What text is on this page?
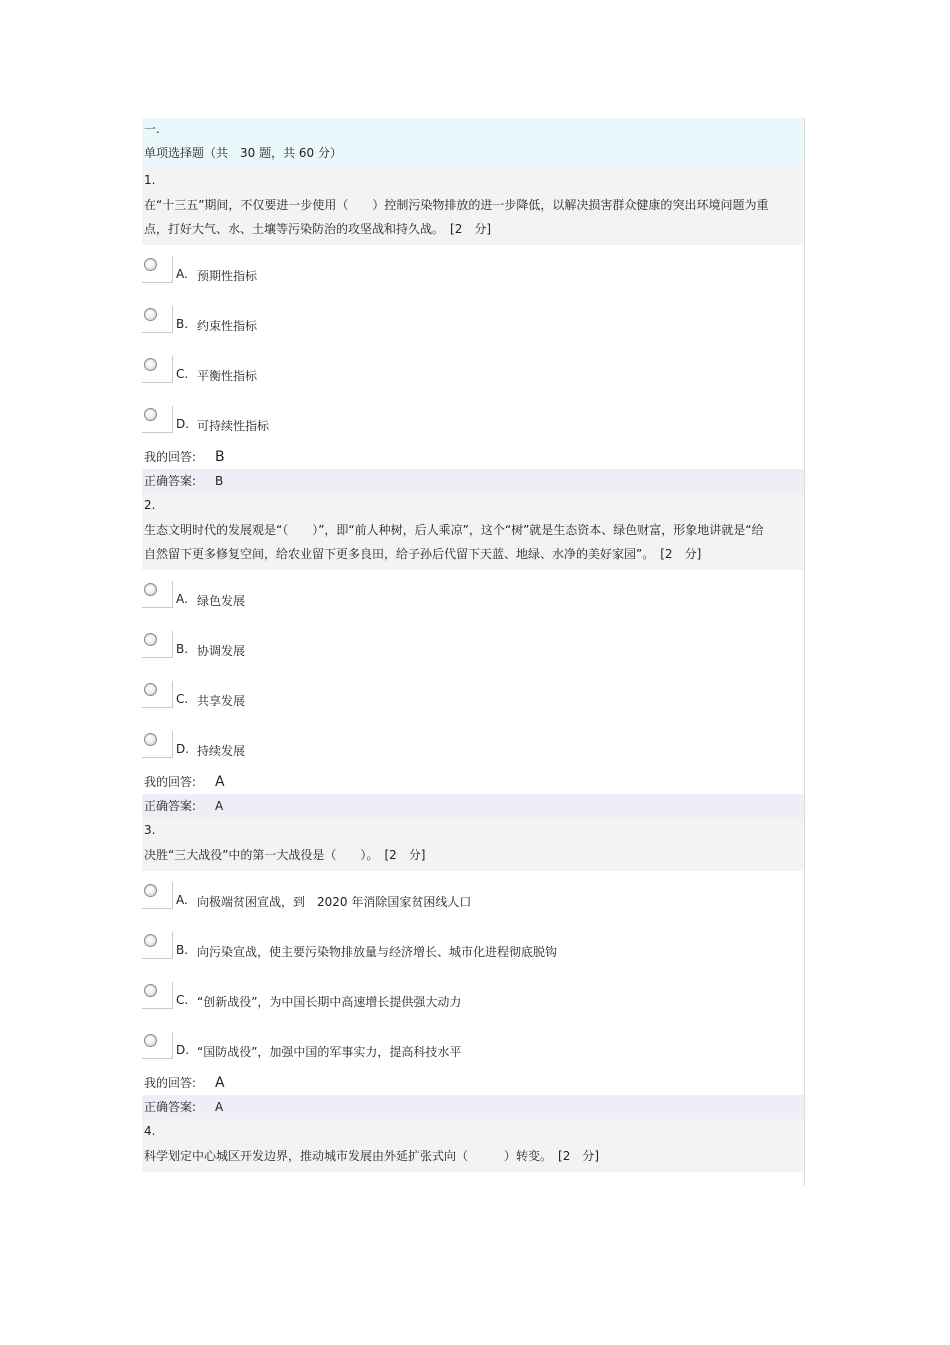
一.
单项选择题（共　30 题，共 60 分）
1.
在“十三五”期间，不仅要进一步使用（　　）控制污染物排放的进一步降低，以解决损害群众健康的突出环境问题为重点，打好大气、水、土壤等污染防治的攻坚战和持久战。　 [2　分]
A. 预期性指标
B. 约束性指标
C. 平衡性指标
D. 可持续性指标
我的回答: B
正确答案: B
2.
生态文明时代的发展观是“（　　）”，即“前人种树，后人乘凉”，这个“树”就是生态资本、绿色财富，形象地讲就是“给自然留下更多修复空间，给农业留下更多良田，给子孙后代留下天蓝、地绿、水净的美好家园”。　 [2　分]
A. 绿色发展
B. 协调发展
C. 共享发展
D. 持续发展
我的回答: A
正确答案: A
3.
决胜“三大战役”中的第一大战役是（　　）。　 [2　分]
A. 向极端贫困宣战，到　2020 年消除国家贫困线人口
B. 向污染宣战，使主要污染物排放量与经济增长、城市化进程彻底脱钩
C. “创新战役”，为中国长期中高速增长提供强大动力
D. “国防战役”，加强中国的军事实力，提高科技水平
我的回答: A
正确答案: A
4.
科学划定中心城区开发边界，推动城市发展由外延扩张式向（　　　）转变。　 [2　分]
